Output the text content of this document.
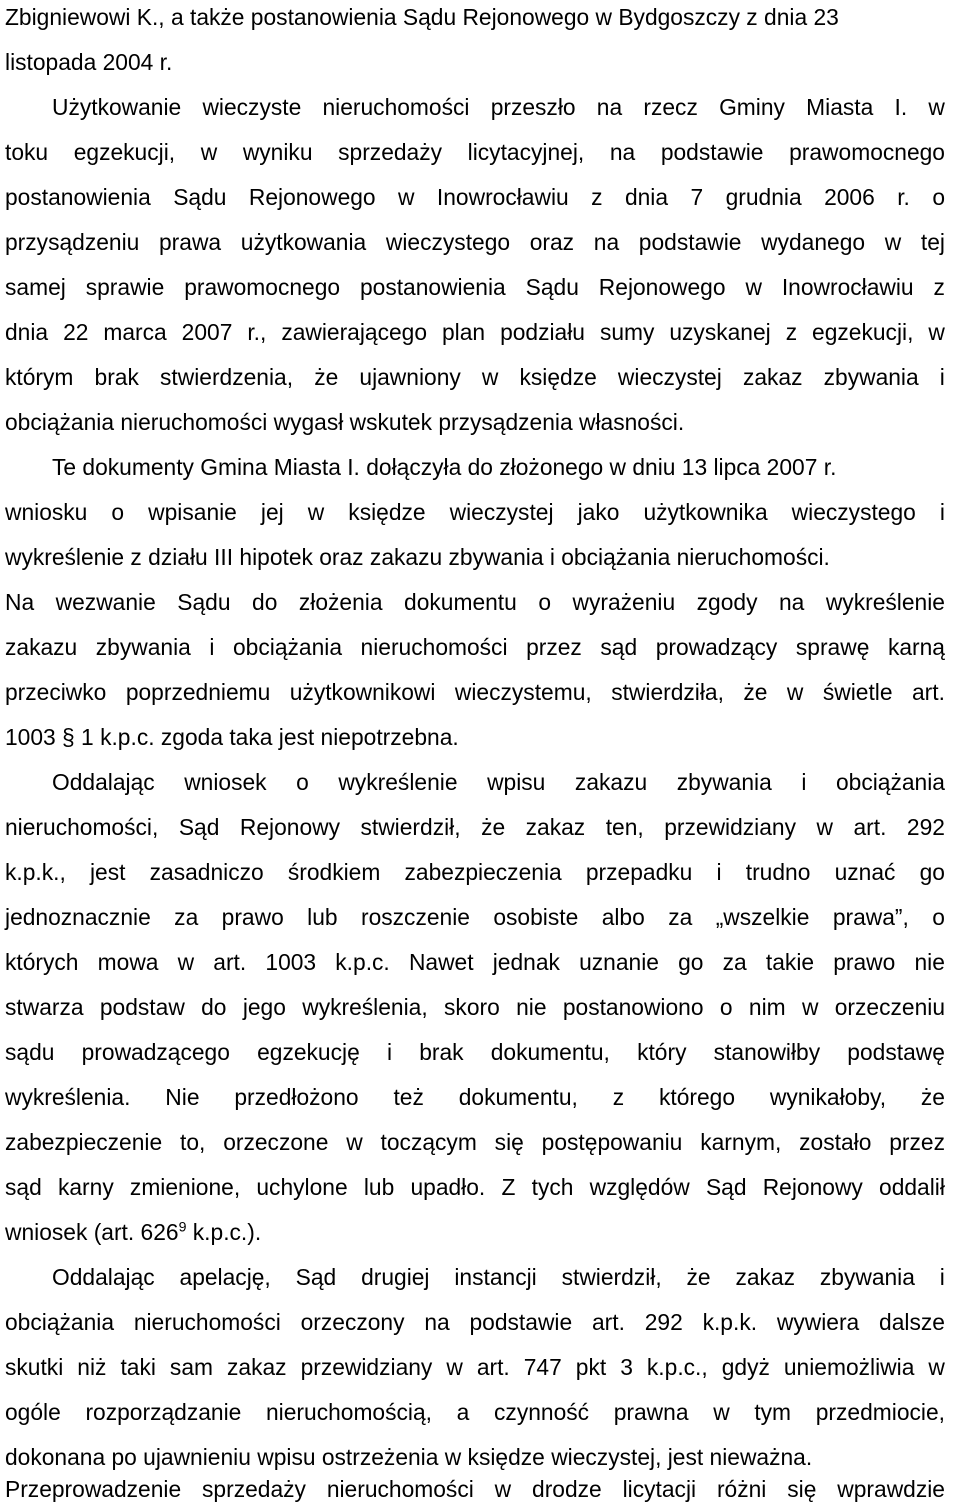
Zbigniewowi K., a także postanowienia Sądu Rejonowego w Bydgoszczy z dnia 23
listopada 2004 r.
Użytkowanie wieczyste nieruchomości przeszło na rzecz Gminy Miasta I. w
toku egzekucji, w wyniku sprzedaży licytacyjnej, na podstawie prawomocnego
postanowienia Sądu Rejonowego w Inowrocławiu z dnia 7 grudnia 2006 r. o
przysądzeniu prawa użytkowania wieczystego oraz na podstawie wydanego w tej
samej sprawie prawomocnego postanowienia Sądu Rejonowego w Inowrocławiu z
dnia 22 marca 2007 r., zawierającego plan podziału sumy uzyskanej z egzekucji, w
którym brak stwierdzenia, że ujawniony w księdze wieczystej zakaz zbywania i
obciążania nieruchomości wygasł wskutek przysądzenia własności.
Te dokumenty Gmina Miasta I. dołączyła do złożonego w dniu 13 lipca 2007 r.
wniosku o wpisanie jej w księdze wieczystej jako użytkownika wieczystego i
wykreślenie z działu III hipotek oraz zakazu zbywania i obciążania nieruchomości.
Na wezwanie Sądu do złożenia dokumentu o wyrażeniu zgody na wykreślenie
zakazu zbywania i obciążania nieruchomości przez sąd prowadzący sprawę karną
przeciwko poprzedniemu użytkownikowi wieczystemu, stwierdziła, że w świetle art.
1003 § 1 k.p.c. zgoda taka jest niepotrzebna.
Oddalając wniosek o wykreślenie wpisu zakazu zbywania i obciążania
nieruchomości, Sąd Rejonowy stwierdził, że zakaz ten, przewidziany w art. 292
k.p.k., jest zasadniczo środkiem zabezpieczenia przepadku i trudno uznać go
jednoznacznie za prawo lub roszczenie osobiste albo za „wszelkie prawa”, o
których mowa w art. 1003 k.p.c. Nawet jednak uznanie go za takie prawo nie
stwarza podstaw do jego wykreślenia, skoro nie postanowiono o nim w orzeczeniu
sądu prowadzącego egzekucję i brak dokumentu, który stanowiłby podstawę
wykreślenia. Nie przedłożono też dokumentu, z którego wynikałoby, że
zabezpieczenie to, orzeczone w toczącym się postępowaniu karnym, zostało przez
sąd karny zmienione, uchylone lub upadło. Z tych względów Sąd Rejonowy oddalił
wniosek (art. $626^9$ k.p.c.).
Oddalając apelację, Sąd drugiej instancji stwierdził, że zakaz zbywania i
obciążania nieruchomości orzeczony na podstawie art. 292 k.p.k. wywiera dalsze
skutki niż taki sam zakaz przewidziany w art. 747 pkt 3 k.p.c., gdyż uniemożliwia w
ogóle rozporządzanie nieruchomością, a czynność prawna w tym przedmiocie,
dokonana po ujawnieniu wpisu ostrzeżenia w księdze wieczystej, jest nieważna.
Przeprowadzenie sprzedaży nieruchomości w drodze licytacji różni się wprawdzie
